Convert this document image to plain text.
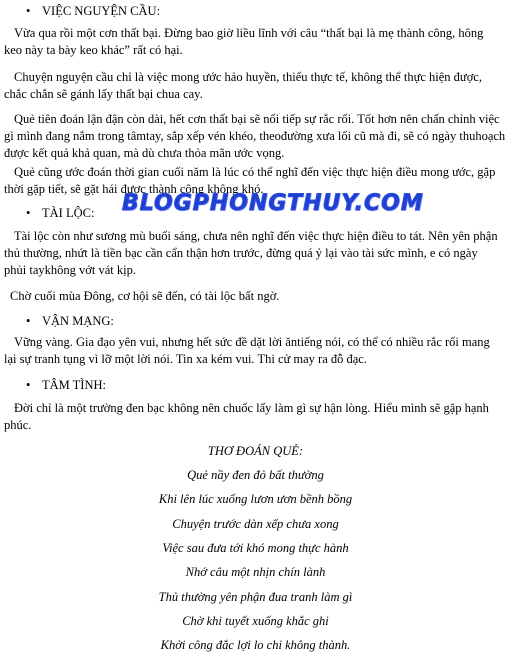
• VIỆC NGUYỆN CẦU:
Vừa qua rồi một cơn thất bại. Đừng bao giờ liều lĩnh với câu “thất bại là mẹ thành công, hông
keo này ta bày keo khác” rất có hại.
Chuyện nguyện cầu chỉ là việc mong ước hảo huyền, thiếu thực tế, không thể thực hiện được,
chắc chắn sẽ gánh lấy thất bại chua cay.
Quẻ tiên đoán lận đận còn dài, hết cơn thất bại sẽ nối tiếp sự rắc rối. Tốt hơn nên chấn chỉnh việc
gì mình đang nắm trong tâmtay, sắp xếp vén khéo, theođường xưa lối cũ mà đi, sẽ có ngày thuhoạch
được kết quả khả quan, mà dù chưa thỏa mãn ước vọng.
Quẻ cũng ước đoán thời gian cuối năm là lúc có thể nghĩ đến việc thực hiện điều mong ước, gặp
thời gặp tiết, sẽ gặt hái được thành công không khó.
• TÀI LỘC: BLOGPHONGTHUY.COM
Tài lộc còn như sương mù buổi sáng, chưa nên nghĩ đến việc thực hiện điều to tát. Nên yên phận
thủ thường, nhứt là tiền bạc cần cẩn thận hơn trước, đừng quá ỷ lại vào tài sức mình, e có ngày
phủi taykhông vớt vát kịp.
Chờ cuối mùa Đông, cơ hội sẽ đến, có tài lộc bất ngờ.
• VẬN MẠNG:
Vững vàng. Gia đạo yên vui, nhưng hết sức đề dặt lời ăntiếng nói, có thể có nhiều rắc rối mang
lại sự tranh tụng vì lỡ một lời nói. Tin xa kém vui. Thi cử may ra đỗ đạc.
• TÂM TÌNH:
Đời chỉ là một trường đen bạc không nên chuốc lấy làm gì sự hận lòng. Hiểu mình sẽ gặp hạnh
phúc.
THƠ ĐOÁN QUẺ:
Quẻ nầy đen đỏ bất thường
Khi lên lúc xuống lươn ươn bềnh bồng
Chuyện trước dàn xếp chưa xong
Việc sau đưa tới khó mong thực hành
Nhớ câu một nhịn chín lành
Thủ thường yên phận đua tranh làm gì
Chờ khi tuyết xuống khắc ghi
Khởi công đắc lợi lo chi không thành.
